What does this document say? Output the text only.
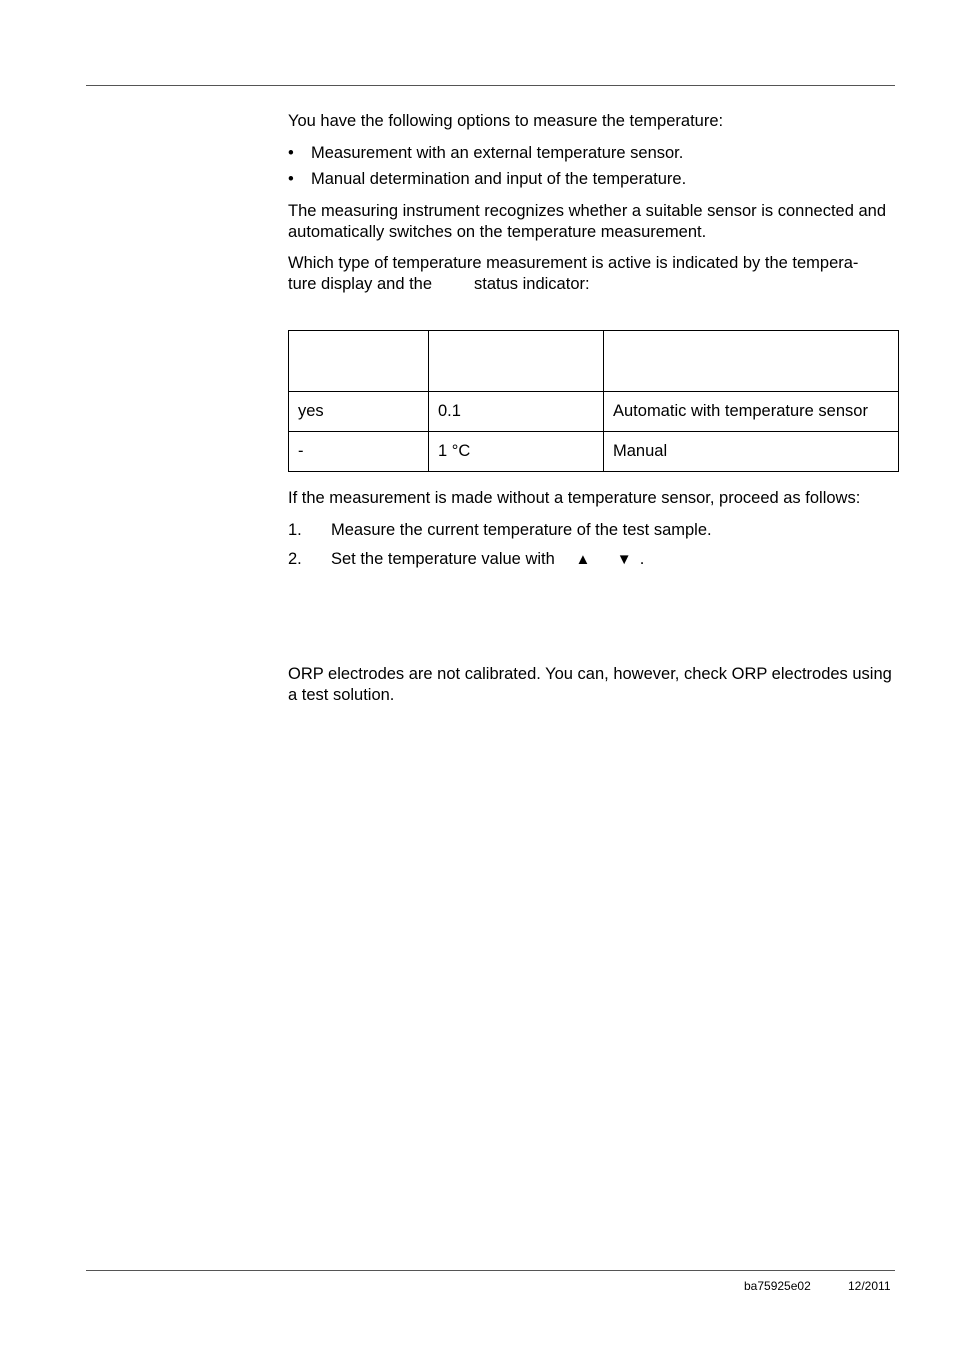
You have the following options to measure the temperature:

• Measurement with an external temperature sensor.
• Manual determination and input of the temperature.

The measuring instrument recognizes whether a suitable sensor is connected and automatically switches on the temperature measurement.

Which type of temperature measurement is active is indicated by the tempera-
ture display and the	status indicator:

yes	0.1	Automatic with temperature sensor
-	1 °C	Manual

If the measurement is made without a temperature sensor, proceed as follows:

1. Measure the current temperature of the test sample.
2. Set the temperature value with ▲ ▼ .

ORP electrodes are not calibrated. You can, however, check ORP electrodes using a test solution.

ba75925e02	12/2011
